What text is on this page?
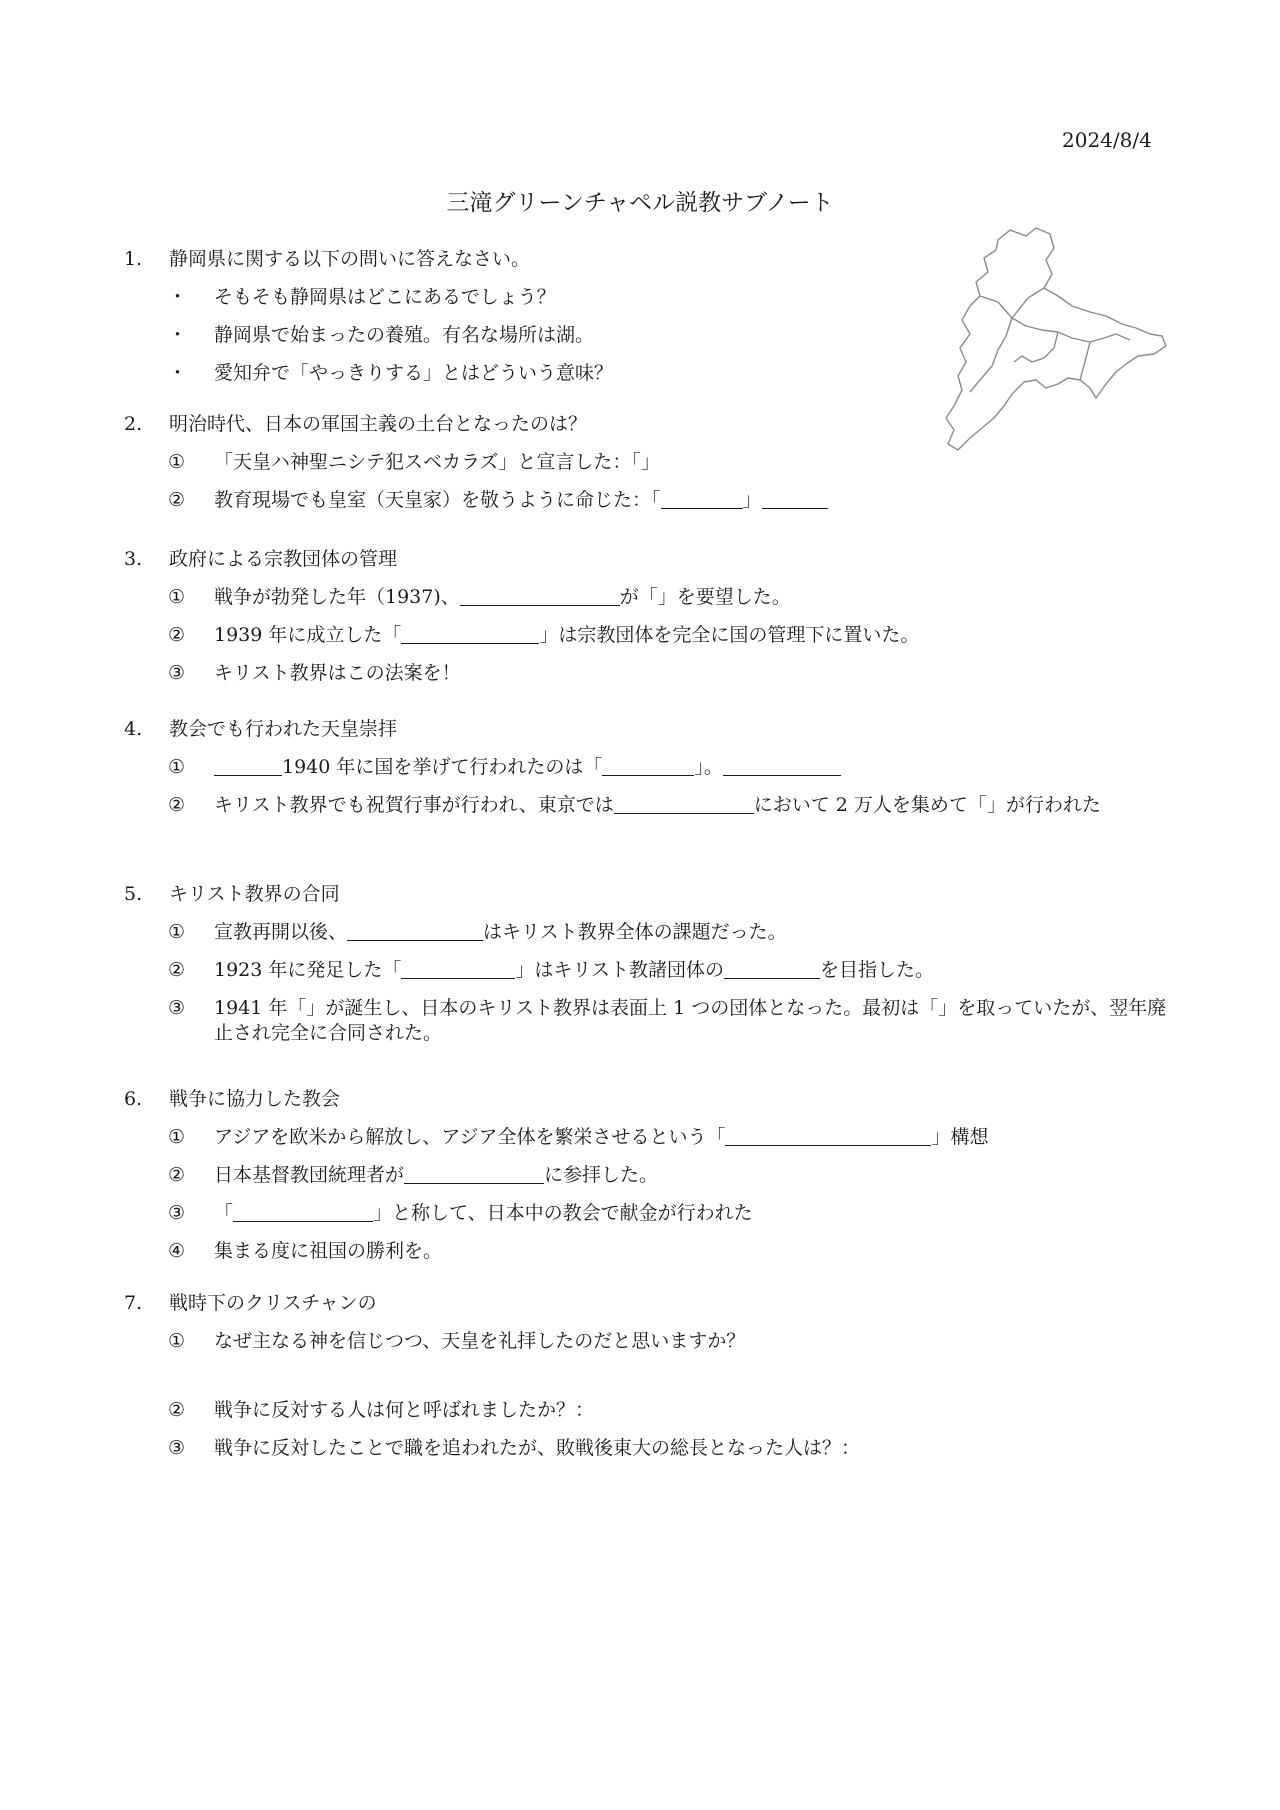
2024/8/4
三滝グリーンチャペル説教サブノート
1.	静岡県に関する以下の問いに答えなさい。
・	そもそも静岡県はどこにあるでしょう？
・	静岡県で始まったの養殖。有名な場所は湖。
・	愛知弁で「やっきりする」とはどういう意味？
2.	明治時代、日本の軍国主義の土台となったのは？
①	「天皇ハ神聖ニシテ犯スベカラズ」と宣言した：「」
②	教育現場でも皇室（天皇家）を敬うように命じた：「	」
3.	政府による宗教団体の管理
①	戦争が勃発した年（1937)、	が「」を要望した。
②	1939 年に成立した「	」は宗教団体を完全に国の管理下に置いた。
③	キリスト教界はこの法案を！
4.	教会でも行われた天皇崇拝
①	1940 年に国を挙げて行われたのは「	」。
②	キリスト教界でも祝賀行事が行われ、東京では	において 2 万人を集めて「」が行われた
5.	キリスト教界の合同
①	宣教再開以後、	はキリスト教界全体の課題だった。
②	1923 年に発足した「	」はキリスト教諸団体の	を目指した。
③	1941 年「」が誕生し、日本のキリスト教界は表面上 1 つの団体となった。最初は「」を取っていたが、翌年廃止され完全に合同された。
6.	戦争に協力した教会
①	アジアを欧米から解放し、アジア全体を繁栄させるという「	」構想
②	日本基督教団統理者が	に参拝した。
③	「	」と称して、日本中の教会で献金が行われた
④	集まる度に祖国の勝利を。
7.	戦時下のクリスチャンの
①	なぜ主なる神を信じつつ、天皇を礼拝したのだと思いますか？
②	戦争に反対する人は何と呼ばれましたか？：
③	戦争に反対したことで職を追われたが、敗戦後東大の総長となった人は？：
